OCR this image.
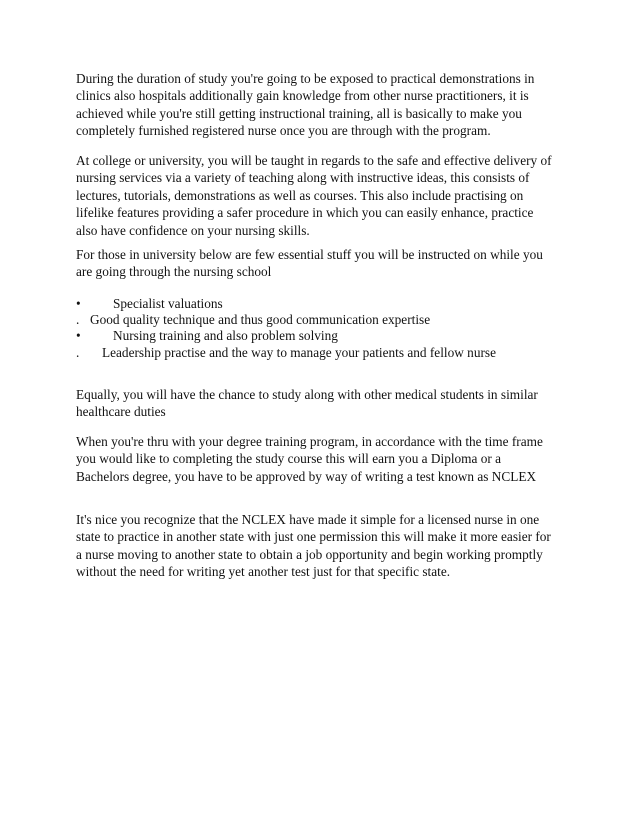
During the duration of study you're going to be exposed to practical demonstrations in
clinics also hospitals additionally gain knowledge from other nurse practitioners, it is
achieved while you're still getting instructional training, all is basically to make you
completely furnished registered nurse once you are through with the program.

At college or university, you will be taught in regards to the safe and effective delivery of
nursing services via a variety of teaching along with instructive ideas, this consists of
lectures, tutorials, demonstrations as well as courses. This also include practising on
lifelike features providing a safer procedure in which you can easily enhance, practice
also have confidence on your nursing skills.

For those in university below are few essential stuff you will be instructed on while you
are going through the nursing school

• Specialist valuations
. Good quality technique and thus good communication expertise
• Nursing training and also problem solving
. Leadership practise and the way to manage your patients and fellow nurse

Equally, you will have the chance to study along with other medical students in similar
healthcare duties

When you're thru with your degree training program, in accordance with the time frame
you would like to completing the study course this will earn you a Diploma or a
Bachelors degree, you have to be approved by way of writing a test known as NCLEX

It's nice you recognize that the NCLEX have made it simple for a licensed nurse in one
state to practice in another state with just one permission this will make it more easier for
a nurse moving to another state to obtain a job opportunity and begin working promptly
without the need for writing yet another test just for that specific state.
